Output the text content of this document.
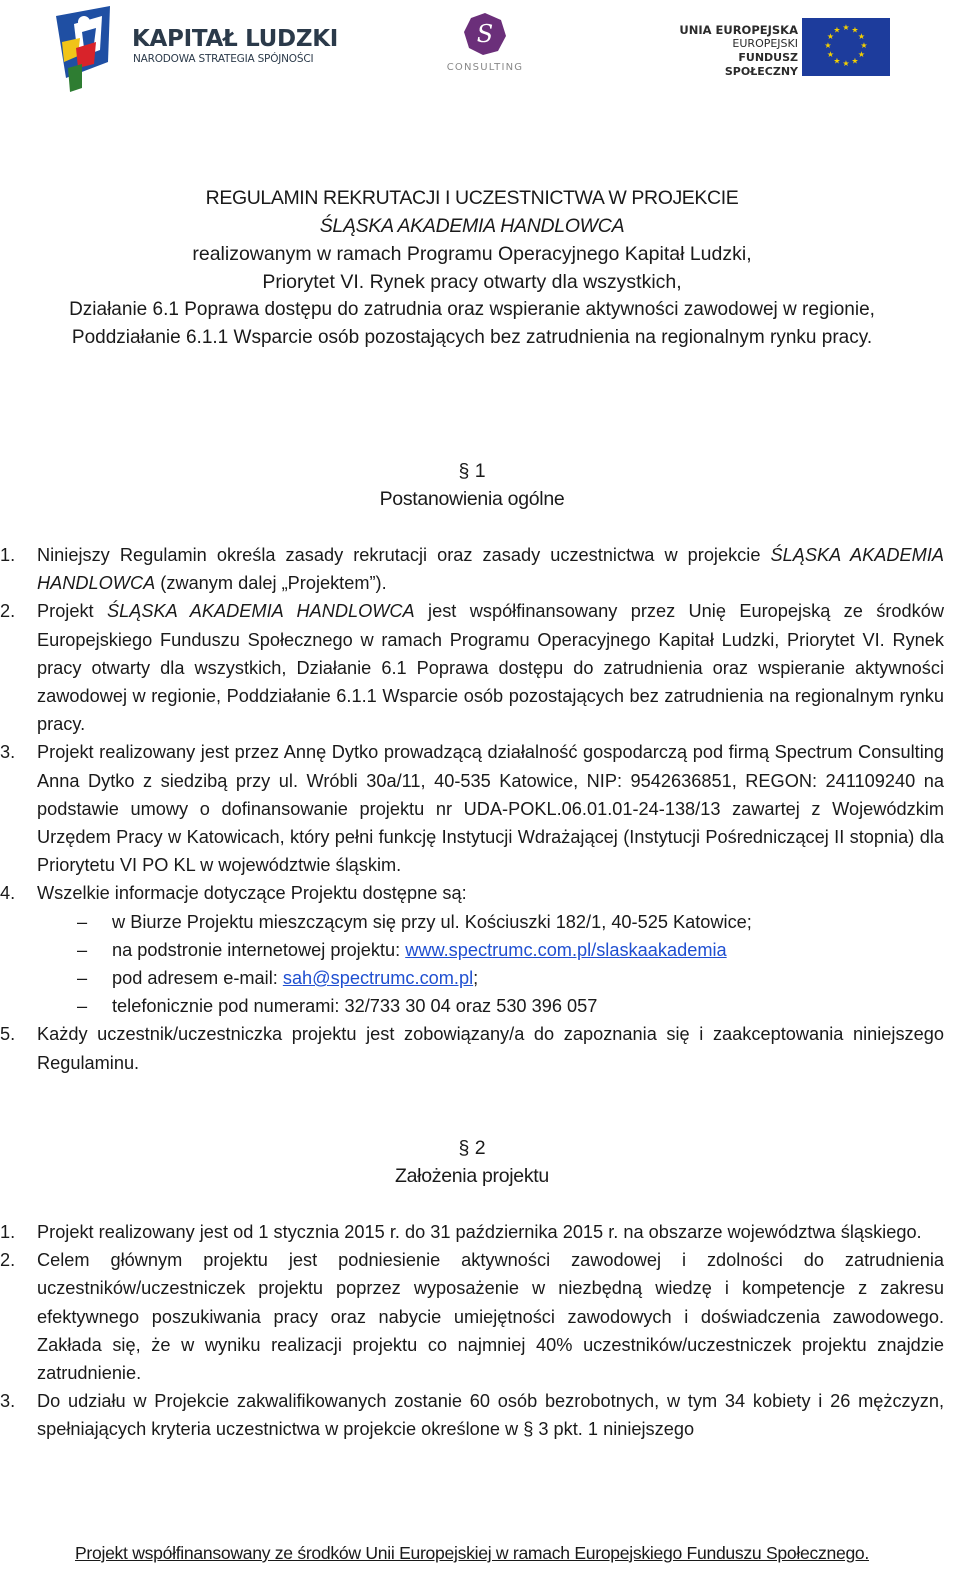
KAPITAŁ LUDZKI
NARODOWA STRATEGIA SPÓJNOŚCI
S
CONSULTING
UNIA EUROPEJSKA
EUROPEJSKI
FUNDUSZ SPOŁECZNY
★ ★
★
★
★
★
★
★
★
★
★
★
REGULAMIN REKRUTACJI I UCZESTNICTWA W PROJEKCIE
ŚLĄSKA AKADEMIA HANDLOWCA
realizowanym w ramach Programu Operacyjnego Kapitał Ludzki,
Priorytet VI. Rynek pracy otwarty dla wszystkich,
Działanie 6.1 Poprawa dostępu do zatrudnia oraz wspieranie aktywności zawodowej w regionie,
Poddziałanie 6.1.1 Wsparcie osób pozostających bez zatrudnienia na regionalnym rynku pracy.
§ 1
Postanowienia ogólne
1. Niniejszy Regulamin określa zasady rekrutacji oraz zasady uczestnictwa w projekcie ŚLĄSKA AKADEMIA HANDLOWCA (zwanym dalej „Projektem”).
2. Projekt ŚLĄSKA AKADEMIA HANDLOWCA jest współfinansowany przez Unię Europejską ze środków Europejskiego Funduszu Społecznego w ramach Programu Operacyjnego Kapitał Ludzki, Priorytet VI. Rynek pracy otwarty dla wszystkich, Działanie 6.1 Poprawa dostępu do zatrudnienia oraz wspieranie aktywności zawodowej w regionie, Poddziałanie 6.1.1 Wsparcie osób pozostających bez zatrudnienia na regionalnym rynku pracy.
3. Projekt realizowany jest przez Annę Dytko prowadzącą działalność gospodarczą pod firmą Spectrum Consulting Anna Dytko z siedzibą przy ul. Wróbli 30a/11, 40-535 Katowice, NIP: 9542636851, REGON: 241109240 na podstawie umowy o dofinansowanie projektu nr UDA-POKL.06.01.01-24-138/13 zawartej z Wojewódzkim Urzędem Pracy w Katowicach, który pełni funkcję Instytucji Wdrażającej (Instytucji Pośredniczącej II stopnia) dla Priorytetu VI PO KL w województwie śląskim.
4. Wszelkie informacje dotyczące Projektu dostępne są:
– w Biurze Projektu mieszczącym się przy ul. Kościuszki 182/1, 40-525 Katowice;
– na podstronie internetowej projektu: www.spectrumc.com.pl/slaskaakademia
– pod adresem e-mail: sah@spectrumc.com.pl;
– telefonicznie pod numerami: 32/733 30 04 oraz 530 396 057
5. Każdy uczestnik/uczestniczka projektu jest zobowiązany/a do zapoznania się i zaakceptowania niniejszego Regulaminu.
§ 2
Założenia projektu
1. Projekt realizowany jest od 1 stycznia 2015 r. do 31 października 2015 r. na obszarze województwa śląskiego.
2. Celem głównym projektu jest podniesienie aktywności zawodowej i zdolności do zatrudnienia uczestników/uczestniczek projektu poprzez wyposażenie w niezbędną wiedzę i kompetencje z zakresu efektywnego poszukiwania pracy oraz nabycie umiejętności zawodowych i doświadczenia zawodowego. Zakłada się, że w wyniku realizacji projektu co najmniej 40% uczestników/uczestniczek projektu znajdzie zatrudnienie.
3. Do udziału w Projekcie zakwalifikowanych zostanie 60 osób bezrobotnych, w tym 34 kobiety i 26 mężczyzn, spełniających kryteria uczestnictwa w projekcie określone w § 3 pkt. 1 niniejszego
Projekt współfinansowany ze środków Unii Europejskiej w ramach Europejskiego Funduszu Społecznego.
